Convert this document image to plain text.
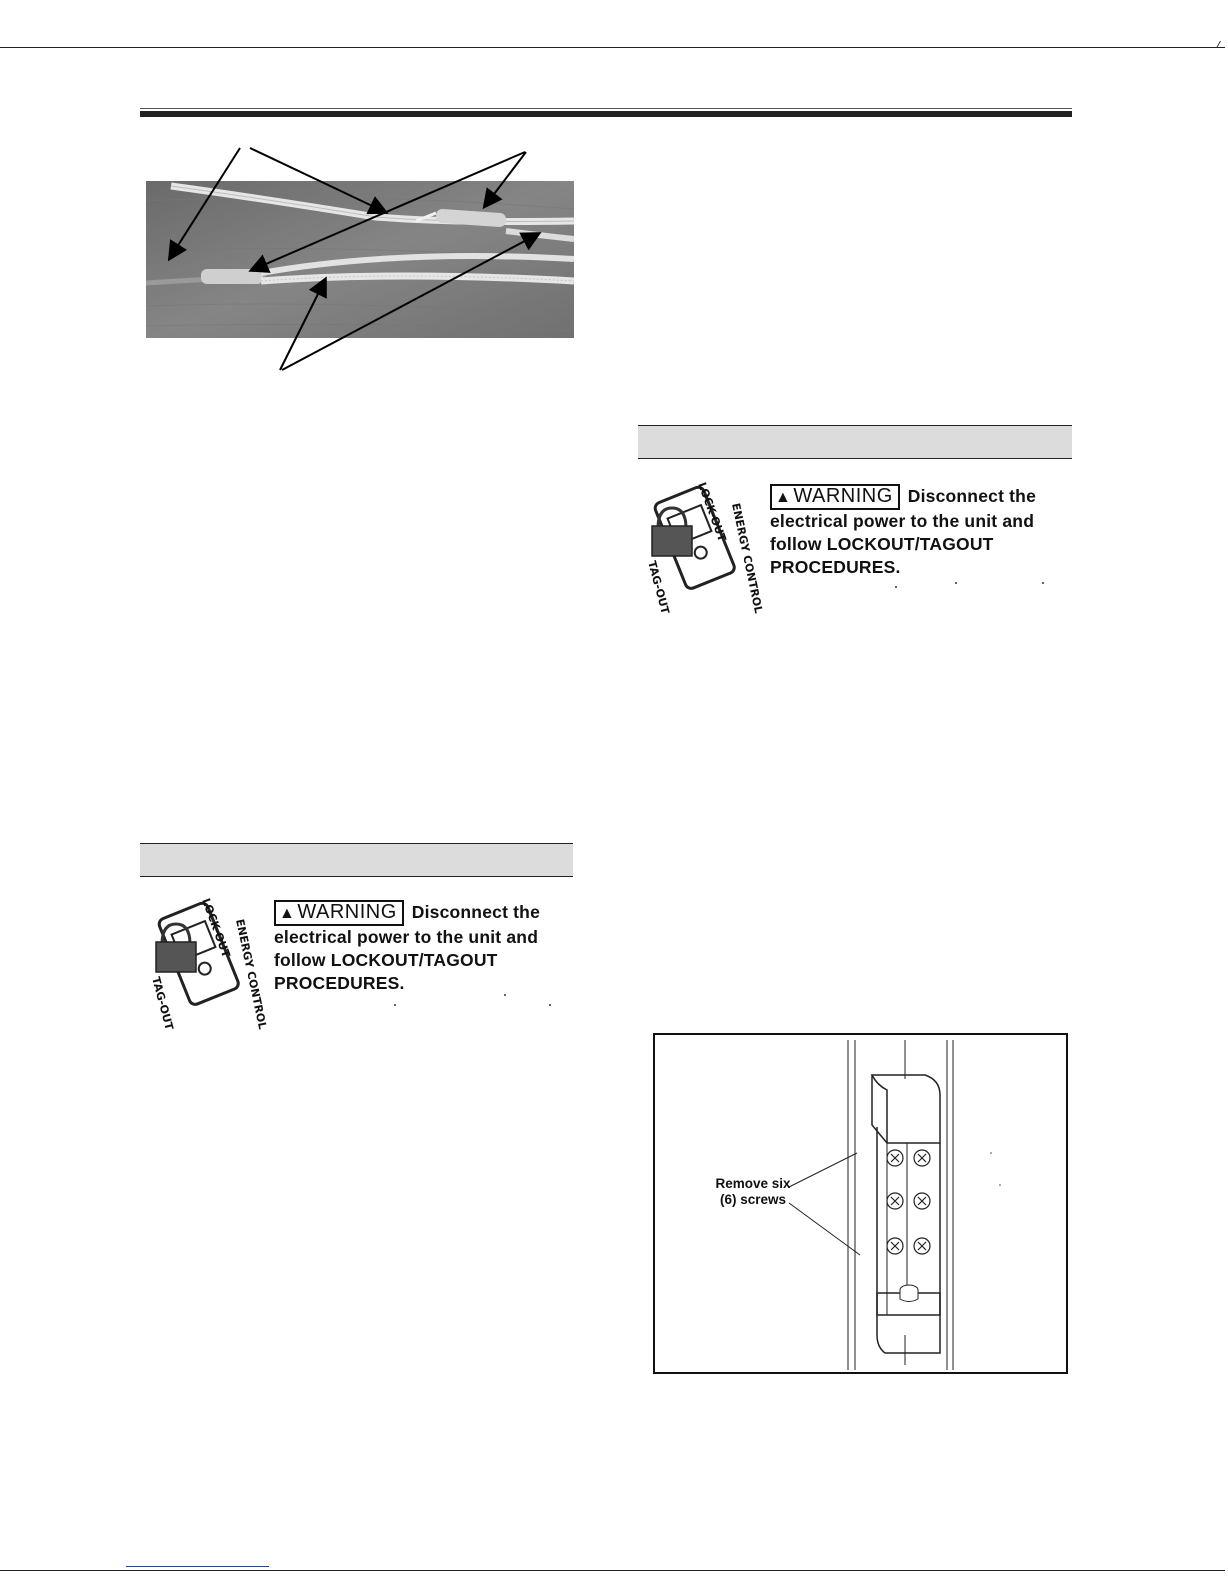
LOCK-OUT
TAG-OUT	ENERGY CONTROL
▲ WARNING Disconnect the electrical power to the unit and follow LOCKOUT/TAGOUT PROCEDURES.
LOCK-OUT
TAG-OUT	ENERGY CONTROL
▲ WARNING Disconnect the electrical power to the unit and follow LOCKOUT/TAGOUT PROCEDURES.
Remove six (6) screws
